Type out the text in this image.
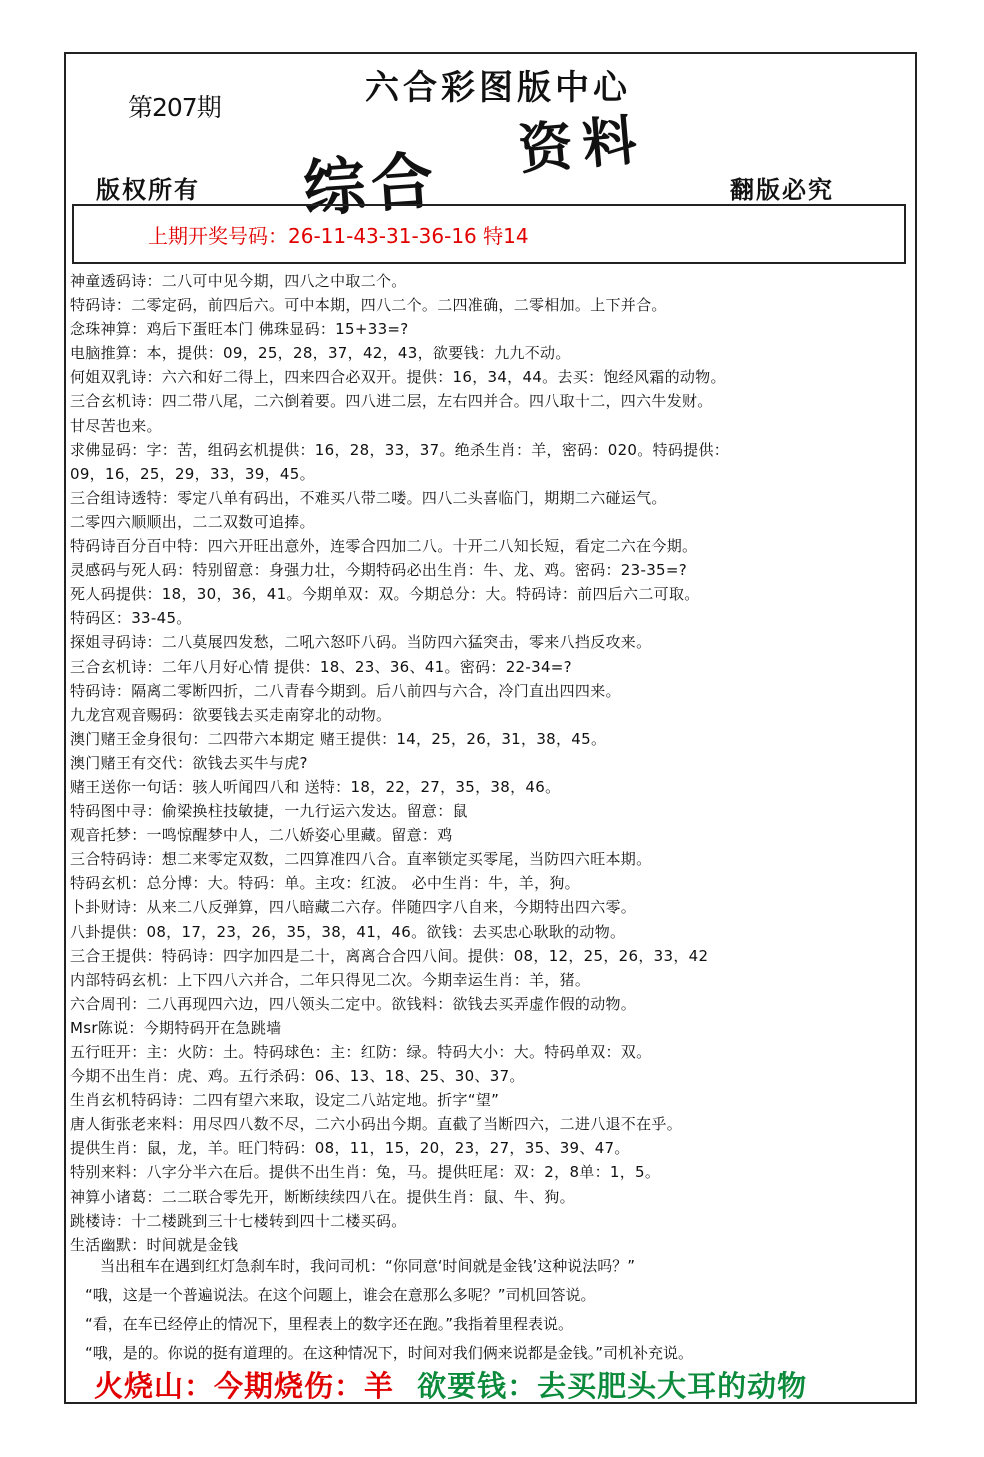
第207期	六合彩图版中心
综合 资料
版权所有	翻版必究
上期开奖号码：26-11-43-31-36-16 特14
神童透码诗：二八可中见今期，四八之中取二个。
特码诗：二零定码，前四后六。可中本期，四八二个。二四准确，二零相加。上下并合。
念珠神算：鸡后下蛋旺本门 佛珠显码：15+33=?
电脑推算：本，提供：09，25，28，37，42，43，欲要钱：九九不动。
何姐双乳诗：六六和好二得上，四来四合必双开。提供：16，34，44。去买：饱经风霜的动物。
三合玄机诗：四二带八尾，二六倒着要。四八进二层，左右四并合。四八取十二，四六牛发财。
甘尽苦也来。
求佛显码：字：苦，组码玄机提供：16，28，33，37。绝杀生肖：羊，密码：020。特码提供：
09，16，25，29，33，39，45。
三合组诗透特：零定八单有码出，不难买八带二喽。四八二头喜临门，期期二六碰运气。
二零四六顺顺出，二二双数可追捧。
特码诗百分百中特：四六开旺出意外，连零合四加二八。十开二八知长短，看定二六在今期。
灵感码与死人码：特别留意：身强力壮，今期特码必出生肖：牛、龙、鸡。密码：23-35=?
死人码提供：18，30，36，41。今期单双：双。今期总分：大。特码诗：前四后六二可取。
特码区：33-45。
探姐寻码诗：二八莫展四发愁，二吼六怒吓八码。当防四六猛突击，零来八挡反攻来。
三合玄机诗：二年八月好心情 提供：18、23、36、41。密码：22-34=?
特码诗：隔离二零断四折，二八青春今期到。后八前四与六合，冷门直出四四来。
九龙宫观音赐码：欲要钱去买走南穿北的动物。
澳门赌王金身很句：二四带六本期定 赌王提供：14，25，26，31，38，45。
澳门赌王有交代：欲钱去买牛与虎?
赌王送你一句话：骇人听闻四八和 送特：18，22，27，35，38，46。
特码图中寻：偷梁换柱技敏捷，一九行运六发达。留意：鼠
观音托梦：一鸣惊醒梦中人，二八娇姿心里藏。留意：鸡
三合特码诗：想二来零定双数，二四算准四八合。直率锁定买零尾，当防四六旺本期。
特码玄机：总分博：大。特码：单。主攻：红波。 必中生肖：牛，羊，狗。
卜卦财诗：从来二八反弹算，四八暗藏二六存。伴随四字八自来，今期特出四六零。
八卦提供：08，17，23，26，35，38，41，46。欲钱：去买忠心耿耿的动物。
三合王提供：特码诗：四字加四是二十，离离合合四八间。提供：08，12，25，26，33，42
内部特码玄机：上下四八六并合，二年只得见二次。今期幸运生肖：羊，猪。
六合周刊：二八再现四六边，四八领头二定中。欲钱料：欲钱去买弄虚作假的动物。
Msr陈说：今期特码开在急跳墙
五行旺开：主：火防：土。特码球色：主：红防：绿。特码大小：大。特码单双：双。
今期不出生肖：虎、鸡。五行杀码：06、13、18、25、30、37。
生肖玄机特码诗：二四有望六来取，设定二八站定地。折字“望”
唐人街张老来料：用尽四八数不尽，二六小码出今期。直截了当断四六，二进八退不在乎。
提供生肖：鼠，龙，羊。旺门特码：08，11，15，20，23，27，35、39、47。
特别来料：八字分半六在后。提供不出生肖：兔，马。提供旺尾：双：2，8单：1，5。
神算小诸葛：二二联合零先开，断断续续四八在。提供生肖：鼠、牛、狗。
跳楼诗：十二楼跳到三十七楼转到四十二楼买码。
生活幽默：时间就是金钱
　　当出租车在遇到红灯急刹车时，我问司机：“你同意‘时间就是金钱’这种说法吗？”
　“哦，这是一个普遍说法。在这个问题上，谁会在意那么多呢？”司机回答说。
　“看，在车已经停止的情况下，里程表上的数字还在跑。”我指着里程表说。
　“哦，是的。你说的挺有道理的。在这种情况下，时间对我们俩来说都是金钱。”司机补充说。
火烧山：今期烧伤：羊 欲要钱：去买肥头大耳的动物
